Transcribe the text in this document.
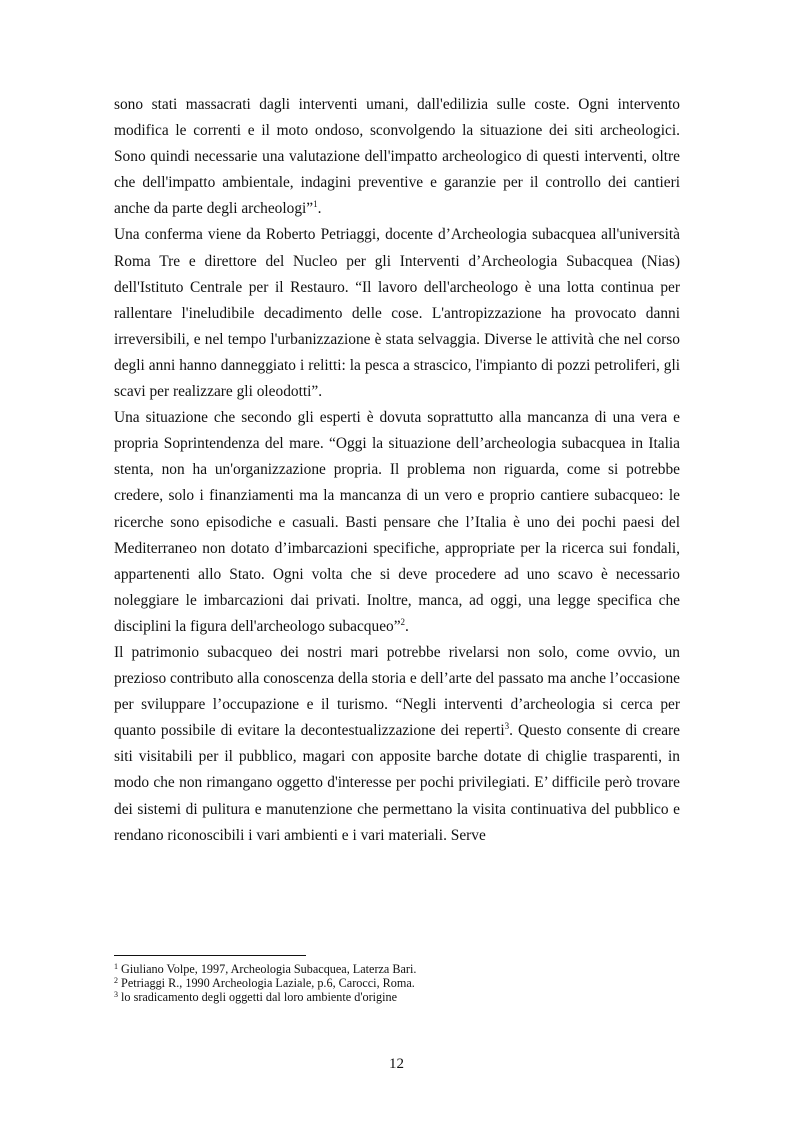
sono stati massacrati dagli interventi umani, dall'edilizia sulle coste. Ogni intervento modifica le correnti e il moto ondoso, sconvolgendo la situazione dei siti archeologici. Sono quindi necessarie una valutazione dell'impatto archeologico di questi interventi, oltre che dell'impatto ambientale, indagini preventive e garanzie per il controllo dei cantieri anche da parte degli archeologi”$^1$.

Una conferma viene da Roberto Petriaggi, docente d’Archeologia subacquea all'università Roma Tre e direttore del Nucleo per gli Interventi d’Archeologia Subacquea (Nias) dell'Istituto Centrale per il Restauro. “Il lavoro dell'archeologo è una lotta continua per rallentare l'ineludibile decadimento delle cose. L'antropizzazione ha provocato danni irreversibili, e nel tempo l'urbanizzazione è stata selvaggia. Diverse le attività che nel corso degli anni hanno danneggiato i relitti: la pesca a strascico, l'impianto di pozzi petroliferi, gli scavi per realizzare gli oleodotti”.

Una situazione che secondo gli esperti è dovuta soprattutto alla mancanza di una vera e propria Soprintendenza del mare. “Oggi la situazione dell’archeologia subacquea in Italia stenta, non ha un'organizzazione propria. Il problema non riguarda, come si potrebbe credere, solo i finanziamenti ma la mancanza di un vero e proprio cantiere subacqueo: le ricerche sono episodiche e casuali. Basti pensare che l’Italia è uno dei pochi paesi del Mediterraneo non dotato d’imbarcazioni specifiche, appropriate per la ricerca sui fondali, appartenenti allo Stato. Ogni volta che si deve procedere ad uno scavo è necessario noleggiare le imbarcazioni dai privati. Inoltre, manca, ad oggi, una legge specifica che disciplini la figura dell'archeologo subacqueo”$^2$.

Il patrimonio subacqueo dei nostri mari potrebbe rivelarsi non solo, come ovvio, un prezioso contributo alla conoscenza della storia e dell’arte del passato ma anche l’occasione per sviluppare l’occupazione e il turismo. “Negli interventi d’archeologia si cerca per quanto possibile di evitare la decontestualizzazione dei reperti$^3$. Questo consente di creare siti visitabili per il pubblico, magari con apposite barche dotate di chiglie trasparenti, in modo che non rimangano oggetto d'interesse per pochi privilegiati. E’ difficile però trovare dei sistemi di pulitura e manutenzione che permettano la visita continuativa del pubblico e rendano riconoscibili i vari ambienti e i vari materiali. Serve

$^1$ Giuliano Volpe, 1997, Archeologia Subacquea, Laterza Bari.
$^2$ Petriaggi R., 1990 Archeologia Laziale, p.6, Carocci, Roma.
$^3$ lo sradicamento degli oggetti dal loro ambiente d'origine
12
